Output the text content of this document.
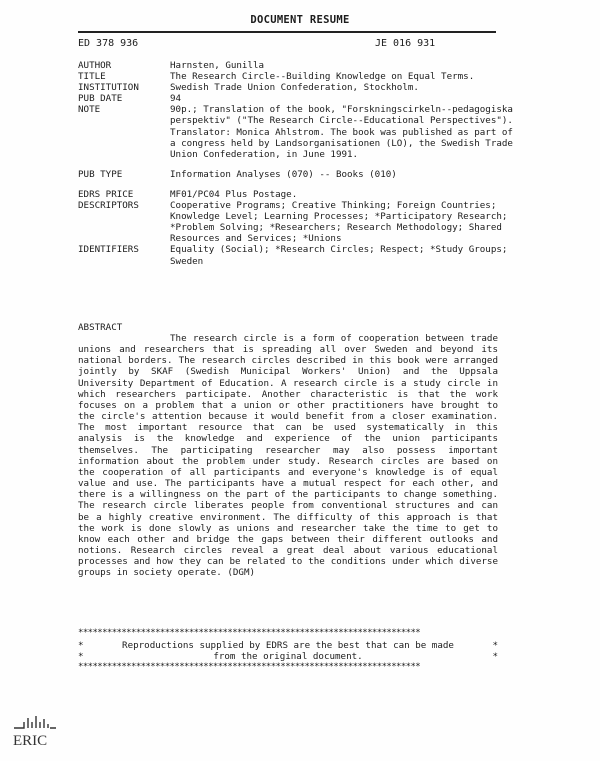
DOCUMENT RESUME
ED 378 936	JE 016 931
AUTHOR	Harnsten, Gunilla
TITLE	The Research Circle--Building Knowledge on Equal Terms.
INSTITUTION	Swedish Trade Union Confederation, Stockholm.
PUB DATE	94
NOTE	90p.; Translation of the book, "Forskningscirkeln--pedagogiska perspektiv" ("The Research Circle--Educational Perspectives"). Translator: Monica Ahlstrom. The book was published as part of a congress held by Landsorganisationen (LO), the Swedish Trade Union Confederation, in June 1991.
PUB TYPE	Information Analyses (070) -- Books (010)
EDRS PRICE	MF01/PC04 Plus Postage.
DESCRIPTORS	Cooperative Programs; Creative Thinking; Foreign Countries; Knowledge Level; Learning Processes; *Participatory Research; *Problem Solving; *Researchers; Research Methodology; Shared Resources and Services; *Unions
IDENTIFIERS	Equality (Social); *Research Circles; Respect; *Study Groups; Sweden
ABSTRACT

The research circle is a form of cooperation between trade unions and researchers that is spreading all over Sweden and beyond its national borders. The research circles described in this book were arranged jointly by SKAF (Swedish Municipal Workers' Union) and the Uppsala University Department of Education. A research circle is a study circle in which researchers participate. Another characteristic is that the work focuses on a problem that a union or other practitioners have brought to the circle's attention because it would benefit from a closer examination. The most important resource that can be used systematically in this analysis is the knowledge and experience of the union participants themselves. The participating researcher may also possess important information about the problem under study. Research circles are based on the cooperation of all participants and everyone's knowledge is of equal value and use. The participants have a mutual respect for each other, and there is a willingness on the part of the participants to change something. The research circle liberates people from conventional structures and can be a highly creative environment. The difficulty of this approach is that the work is done slowly as unions and researcher take the time to get to know each other and bridge the gaps between their different outlooks and notions. Research circles reveal a great deal about various educational processes and how they can be related to the conditions under which diverse groups in society operate. (DGM)

***********************************************************************
*	Reproductions supplied by EDRS are the best that can be made	*
*	from the original document.	*
***********************************************************************
ERIC
